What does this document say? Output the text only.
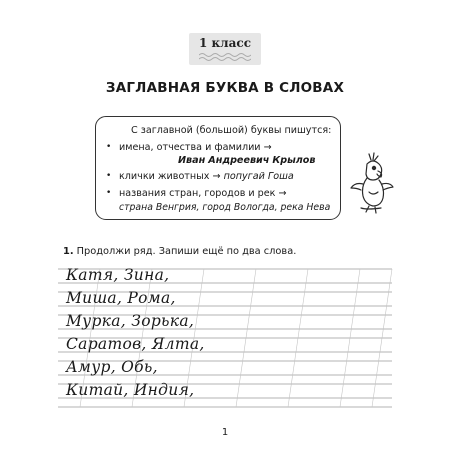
1 класс
ЗАГЛАВНАЯ БУКВА В СЛОВАХ
С заглавной (большой) буквы пишутся:
• имена, отчества и фамилии →
Иван Андреевич Крылов
• клички животных → попугай Гоша
• названия стран, городов и рек →
страна Венгрия, город Вологда, река Нева
1. Продолжи ряд. Запиши ещё по два слова.
Катя, Зина,
Миша, Рома,
Мурка, Зорька,
Саратов, Ялта,
Амур, Обь,
Китай, Индия,
1
